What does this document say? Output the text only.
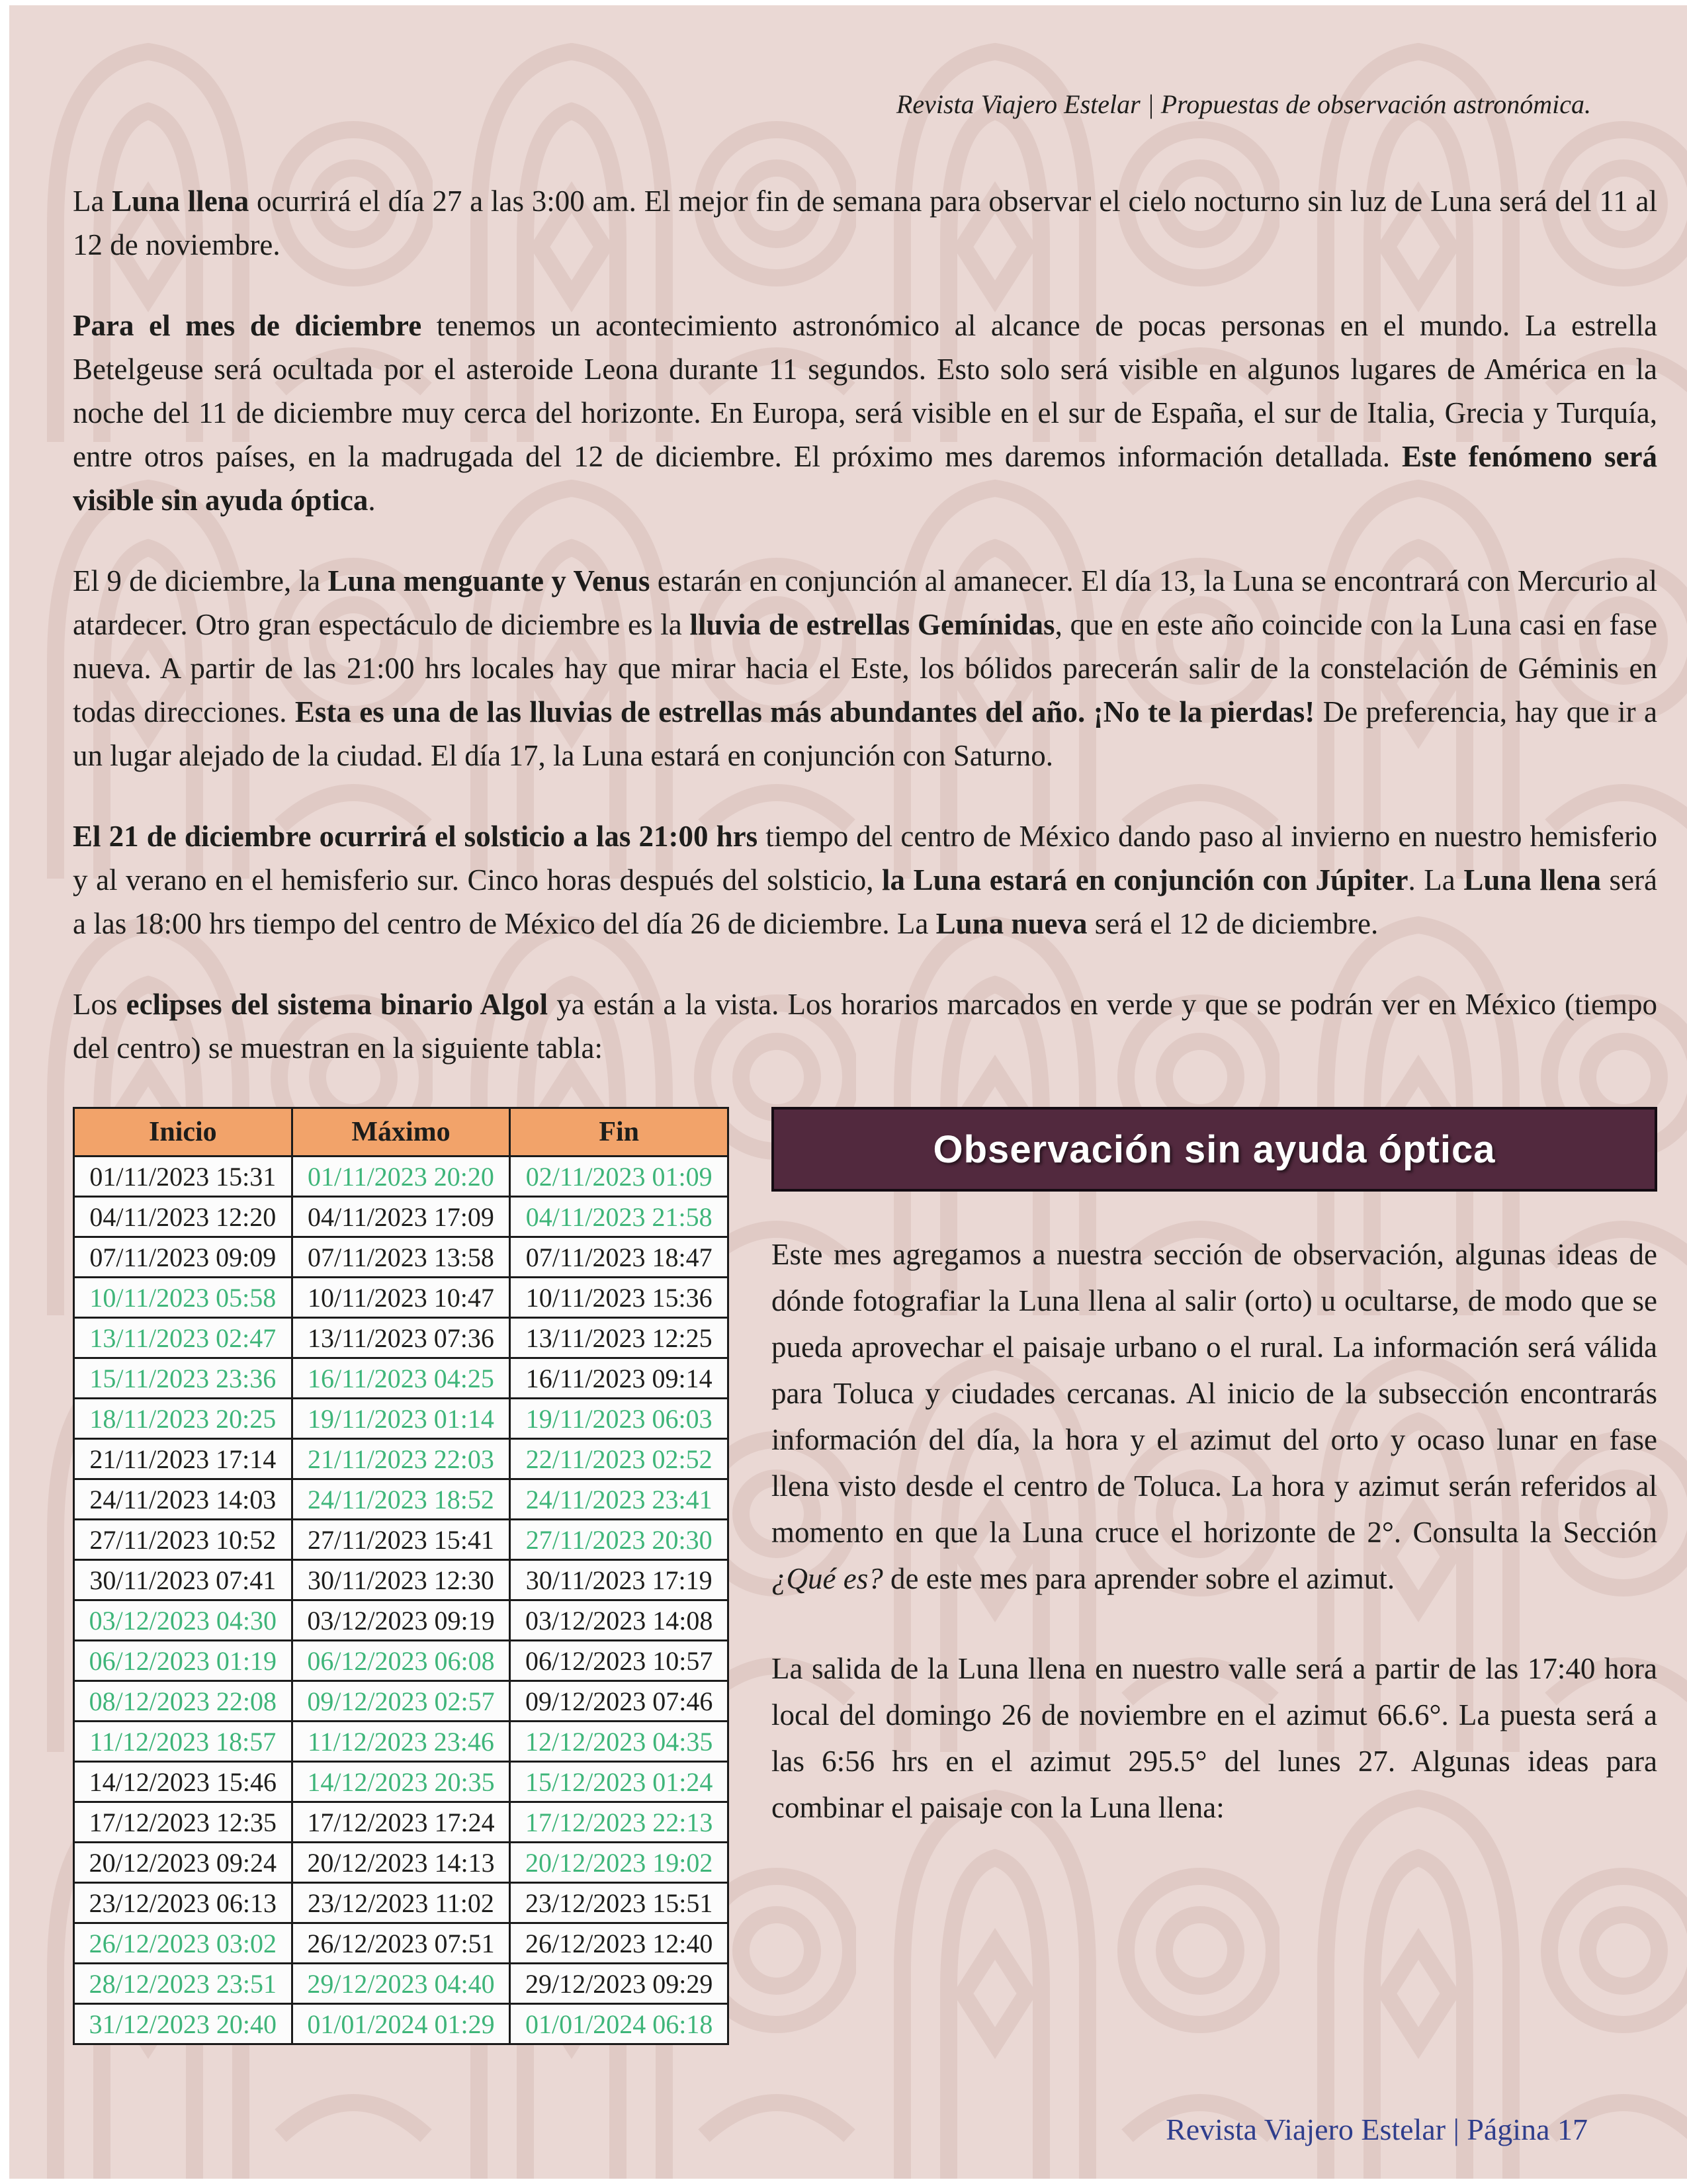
Revista Viajero Estelar | Propuestas de observación astronómica.

La Luna llena ocurrirá el día 27 a las 3:00 am. El mejor fin de semana para observar el cielo nocturno sin luz de Luna será del 11 al 12 de noviembre.

Para el mes de diciembre tenemos un acontecimiento astronómico al alcance de pocas personas en el mundo. La estrella Betelgeuse será ocultada por el asteroide Leona durante 11 segundos. Esto solo será visible en algunos lugares de América en la noche del 11 de diciembre muy cerca del horizonte. En Europa, será visible en el sur de España, el sur de Italia, Grecia y Turquía, entre otros países, en la madrugada del 12 de diciembre. El próximo mes daremos información detallada. Este fenómeno será visible sin ayuda óptica.

El 9 de diciembre, la Luna menguante y Venus estarán en conjunción al amanecer. El día 13, la Luna se encontrará con Mercurio al atardecer. Otro gran espectáculo de diciembre es la lluvia de estrellas Gemínidas, que en este año coincide con la Luna casi en fase nueva. A partir de las 21:00 hrs locales hay que mirar hacia el Este, los bólidos parecerán salir de la constelación de Géminis en todas direcciones. Esta es una de las lluvias de estrellas más abundantes del año. ¡No te la pierdas! De preferencia, hay que ir a un lugar alejado de la ciudad. El día 17, la Luna estará en conjunción con Saturno.

El 21 de diciembre ocurrirá el solsticio a las 21:00 hrs tiempo del centro de México dando paso al invierno en nuestro hemisferio y al verano en el hemisferio sur. Cinco horas después del solsticio, la Luna estará en conjunción con Júpiter. La Luna llena será a las 18:00 hrs tiempo del centro de México del día 26 de diciembre. La Luna nueva será el 12 de diciembre.

Los eclipses del sistema binario Algol ya están a la vista. Los horarios marcados en verde y que se podrán ver en México (tiempo del centro) se muestran en la siguiente tabla:

Inicio	Máximo	Fin
01/11/2023 15:31	01/11/2023 20:20	02/11/2023 01:09
04/11/2023 12:20	04/11/2023 17:09	04/11/2023 21:58
07/11/2023 09:09	07/11/2023 13:58	07/11/2023 18:47
10/11/2023 05:58	10/11/2023 10:47	10/11/2023 15:36
13/11/2023 02:47	13/11/2023 07:36	13/11/2023 12:25
15/11/2023 23:36	16/11/2023 04:25	16/11/2023 09:14
18/11/2023 20:25	19/11/2023 01:14	19/11/2023 06:03
21/11/2023 17:14	21/11/2023 22:03	22/11/2023 02:52
24/11/2023 14:03	24/11/2023 18:52	24/11/2023 23:41
27/11/2023 10:52	27/11/2023 15:41	27/11/2023 20:30
30/11/2023 07:41	30/11/2023 12:30	30/11/2023 17:19
03/12/2023 04:30	03/12/2023 09:19	03/12/2023 14:08
06/12/2023 01:19	06/12/2023 06:08	06/12/2023 10:57
08/12/2023 22:08	09/12/2023 02:57	09/12/2023 07:46
11/12/2023 18:57	11/12/2023 23:46	12/12/2023 04:35
14/12/2023 15:46	14/12/2023 20:35	15/12/2023 01:24
17/12/2023 12:35	17/12/2023 17:24	17/12/2023 22:13
20/12/2023 09:24	20/12/2023 14:13	20/12/2023 19:02
23/12/2023 06:13	23/12/2023 11:02	23/12/2023 15:51
26/12/2023 03:02	26/12/2023 07:51	26/12/2023 12:40
28/12/2023 23:51	29/12/2023 04:40	29/12/2023 09:29
31/12/2023 20:40	01/01/2024 01:29	01/01/2024 06:18
Observación sin ayuda óptica

Este mes agregamos a nuestra sección de observación, algunas ideas de dónde fotografiar la Luna llena al salir (orto) u ocultarse, de modo que se pueda aprovechar el paisaje urbano o el rural. La información será válida para Toluca y ciudades cercanas. Al inicio de la subsección encontrarás información del día, la hora y el azimut del orto y ocaso lunar en fase llena visto desde el centro de Toluca. La hora y azimut serán referidos al momento en que la Luna cruce el horizonte de 2°. Consulta la Sección ¿Qué es? de este mes para aprender sobre el azimut.

La salida de la Luna llena en nuestro valle será a partir de las 17:40 hora local del domingo 26 de noviembre en el azimut 66.6°. La puesta será a las 6:56 hrs en el azimut 295.5° del lunes 27. Algunas ideas para combinar el paisaje con la Luna llena:

Revista Viajero Estelar | Página 17
